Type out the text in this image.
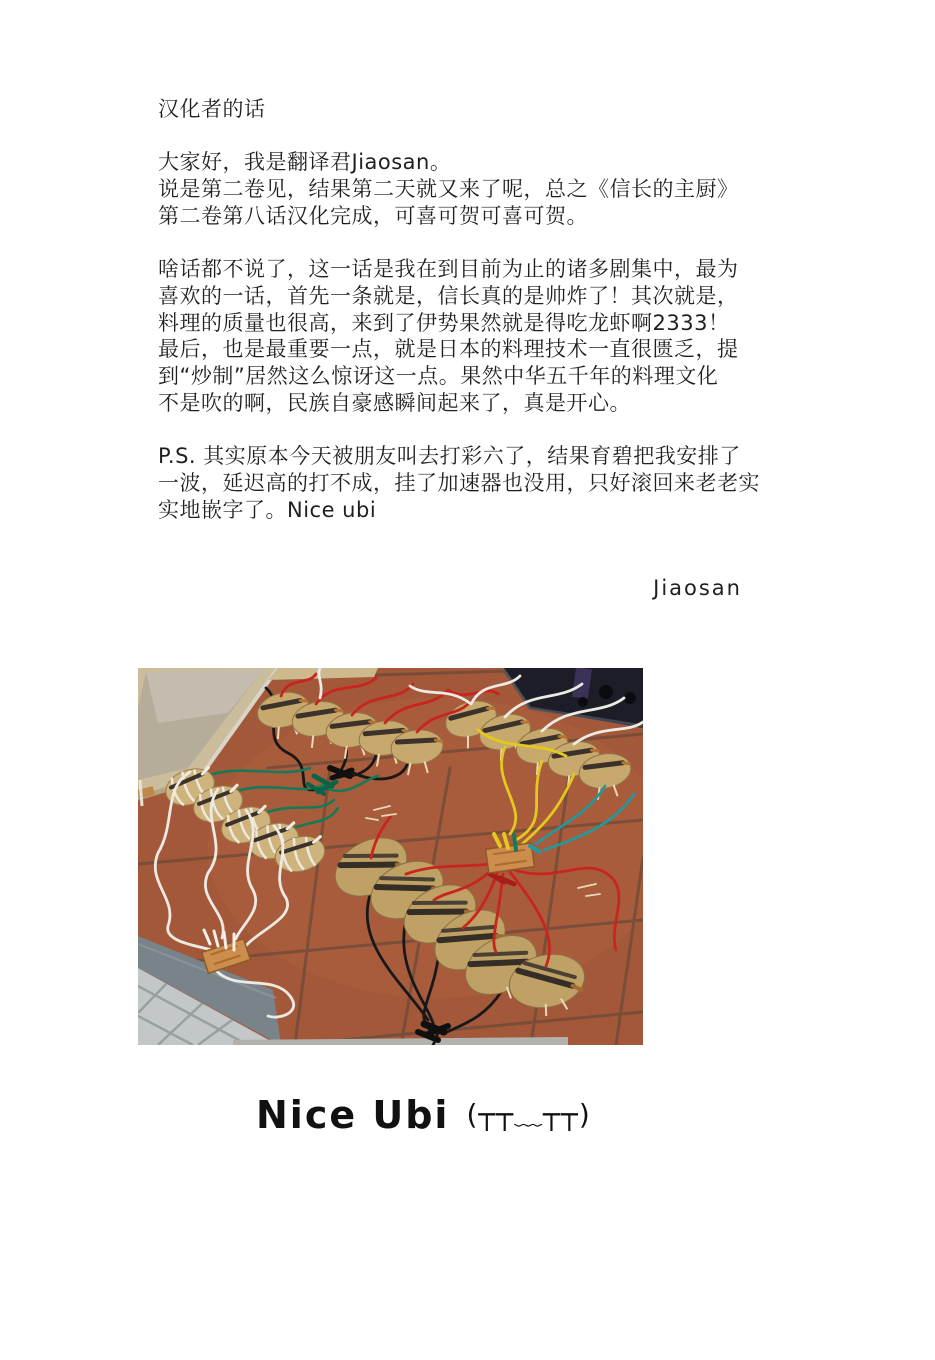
汉化者的话
大家好，我是翻译君Jiaosan。
说是第二卷见，结果第二天就又来了呢，总之《信长的主厨》
第二卷第八话汉化完成，可喜可贺可喜可贺。
啥话都不说了，这一话是我在到目前为止的诸多剧集中，最为
喜欢的一话，首先一条就是，信长真的是帅炸了！其次就是，
料理的质量也很高，来到了伊势果然就是得吃龙虾啊2333！
最后，也是最重要一点，就是日本的料理技术一直很匮乏，提
到“炒制”居然这么惊讶这一点。果然中华五千年的料理文化
不是吹的啊，民族自豪感瞬间起来了，真是开心。
P.S. 其实原本今天被朋友叫去打彩六了，结果育碧把我安排了
一波，延迟高的打不成，挂了加速器也没用，只好滚回来老老实
实地嵌字了。Nice ubi
Jiaosan
Nice Ubi (┬┬﹏┬┬)
